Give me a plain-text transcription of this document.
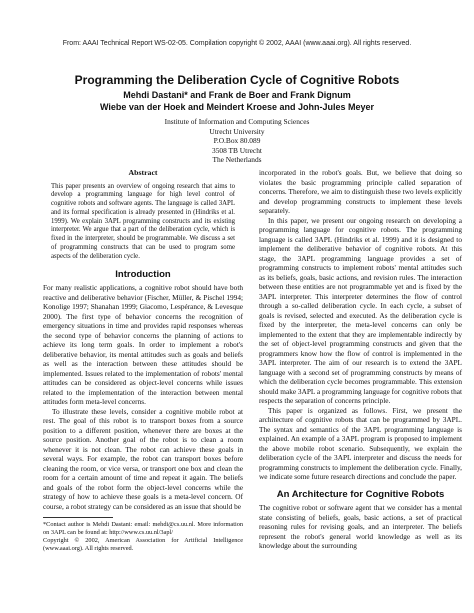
From: AAAI Technical Report WS-02-05. Compilation copyright © 2002, AAAI (www.aaai.org). All rights reserved.
Programming the Deliberation Cycle of Cognitive Robots
Mehdi Dastani* and Frank de Boer and Frank Dignum
Wiebe van der Hoek and Meindert Kroese and John-Jules Meyer
Institute of Information and Computing Sciences
Utrecht University
P.O.Box 80.089
3508 TB Utrecht
The Netherlands
Abstract
This paper presents an overview of ongoing research that aims to develop a programming language for high level control of cognitive robots and software agents. The language is called 3APL and its formal specification is already presented in (Hindriks et al. 1999). We explain 3APL programming constructs and its existing interpreter. We argue that a part of the deliberation cycle, which is fixed in the interpreter, should be programmable. We discuss a set of programming constructs that can be used to program some aspects of the deliberation cycle.
Introduction

For many realistic applications, a cognitive robot should have both reactive and deliberative behavior (Fischer, Müller, & Pischel 1994; Konolige 1997; Shanahan 1999; Giacomo, Lespérance, & Levesque 2000). The first type of behavior concerns the recognition of emergency situations in time and provides rapid responses whereas the second type of behavior concerns the planning of actions to achieve its long term goals. In order to implement a robot's deliberative behavior, its mental attitudes such as goals and beliefs as well as the interaction between these attitudes should be implemented. Issues related to the implementation of robots' mental attitudes can be considered as object-level concerns while issues related to the implementation of the interaction between mental attitudes form meta-level concerns.

To illustrate these levels, consider a cognitive mobile robot at rest. The goal of this robot is to transport boxes from a source position to a different position, whenever there are boxes at the source position. Another goal of the robot is to clean a room whenever it is not clean. The robot can achieve these goals in several ways. For example, the robot can transport boxes before cleaning the room, or vice versa, or transport one box and clean the room for a certain amount of time and repeat it again. The beliefs and goals of the robot form the object-level concerns while the strategy of how to achieve these goals is a meta-level concern. Of course, a robot strategy can be considered as an issue that should be

*Contact author is Mehdi Dastani: email: mehdi@cs.uu.nl. More information on 3APL can be found at: http://www.cs.uu.nl/3apl/
Copyright © 2002, American Association for Artificial Intelligence (www.aaai.org). All rights reserved.

incorporated in the robot's goals. But, we believe that doing so violates the basic programming principle called separation of concerns. Therefore, we aim to distinguish these two levels explicitly and develop programming constructs to implement these levels separately.

In this paper, we present our ongoing research on developing a programming language for cognitive robots. The programming language is called 3APL (Hindriks et al. 1999) and it is designed to implement the deliberative behavior of cognitive robots. At this stage, the 3APL programming language provides a set of programming constructs to implement robots' mental attitudes such as its beliefs, goals, basic actions, and revision rules. The interaction between these entities are not programmable yet and is fixed by the 3APL interpreter. This interpreter determines the flow of control through a so-called deliberation cycle. In each cycle, a subset of goals is revised, selected and executed. As the deliberation cycle is fixed by the interpreter, the meta-level concerns can only be implemented to the extent that they are implementable indirectly by the set of object-level programming constructs and given that the programmers know how the flow of control is implemented in the 3APL interpreter. The aim of our research is to extend the 3APL language with a second set of programming constructs by means of which the deliberation cycle becomes programmable. This extension should make 3APL a programming language for cognitive robots that respects the separation of concerns principle.

This paper is organized as follows. First, we present the architecture of cognitive robots that can be programmed by 3APL. The syntax and semantics of the 3APL programming language is explained. An example of a 3APL program is proposed to implement the above mobile robot scenario. Subsequently, we explain the deliberation cycle of the 3APL interpreter and discuss the needs for programming constructs to implement the deliberation cycle. Finally, we indicate some future research directions and conclude the paper.

An Architecture for Cognitive Robots

The cognitive robot or software agent that we consider has a mental state consisting of beliefs, goals, basic actions, a set of practical reasoning rules for revising goals, and an interpreter. The beliefs represent the robot's general world knowledge as well as its knowledge about the surrounding
